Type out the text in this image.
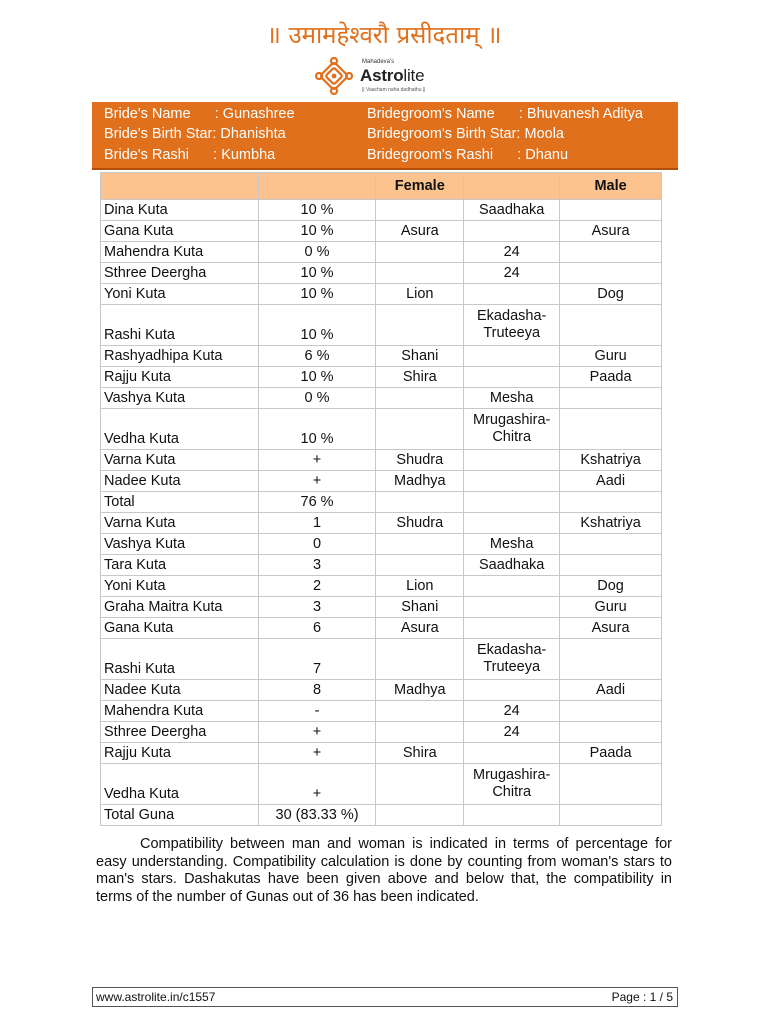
॥ उमामहेश्वरौ प्रसीदताम् ॥
Mahadeva's
Astrolite
|| Vaacham naha dadhathu ||
Bride's Name      : Gunashree
Bride's Birth Star: Dhanishta
Bride's Rashi      : Kumbha
Bridegroom's Name      : Bhuvanesh Aditya
Bridegroom's Birth Star: Moola
Bridegroom's Rashi      : Dhanu
		Female		Male
Dina Kuta	10 %		Saadhaka	
Gana Kuta	10 %	Asura		Asura
Mahendra Kuta	0 %		24	
Sthree Deergha	10 %		24	
Yoni Kuta	10 %	Lion		Dog
Rashi Kuta	10 %		Ekadasha-
Truteeya	

Rashyadhipa Kuta	6 %	Shani		Guru
Rajju Kuta	10 %	Shira		Paada
Vashya Kuta	0 %		Mesha	
Vedha Kuta	10 %		Mrugashira-
Chitra	

Varna Kuta	+	Shudra		Kshatriya
Nadee Kuta	+	Madhya		Aadi
Total	76 %			
Varna Kuta	1	Shudra		Kshatriya
Vashya Kuta	0		Mesha	
Tara Kuta	3		Saadhaka	
Yoni Kuta	2	Lion		Dog
Graha Maitra Kuta	3	Shani		Guru
Gana Kuta	6	Asura		Asura
Rashi Kuta	7		Ekadasha-
Truteeya	

Nadee Kuta	8	Madhya		Aadi
Mahendra Kuta	-		24	
Sthree Deergha	+		24	
Rajju Kuta	+	Shira		Paada
Vedha Kuta	+		Mrugashira-
Chitra	

Total Guna	30 (83.33 %)			
Compatibility between man and woman is indicated in terms of percentage for easy understanding. Compatibility calculation is done by counting from woman's stars to man's stars. Dashakutas have been given above and below that, the compatibility in terms of the number of Gunas out of 36 has been indicated.
www.astrolite.in/c1557	Page : 1 / 5
